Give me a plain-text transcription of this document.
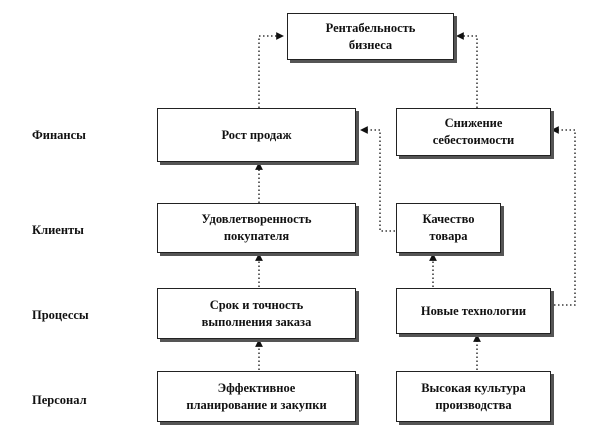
Финансы
Клиенты
Процессы
Персонал
Рентабельность
бизнеса
Рост продаж
Снижение
себестоимости
Удовлетворенность
покупателя
Качество
товара
Срок и точность
выполнения заказа
Новые технологии
Эффективное
планирование и закупки
Высокая культура
производства
